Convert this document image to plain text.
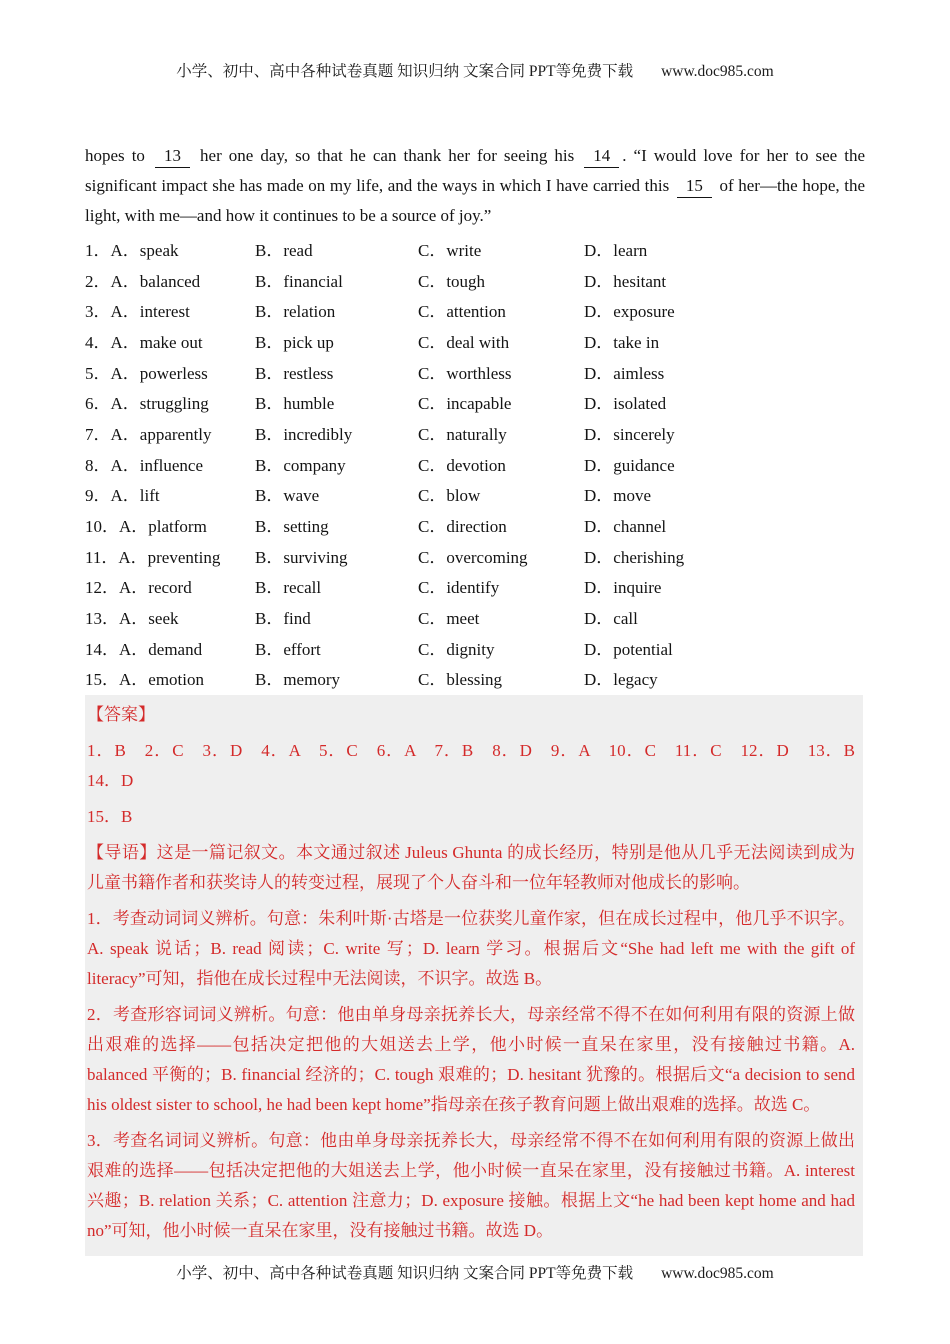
小学、初中、高中各种试卷真题 知识归纳 文案合同 PPT等免费下载 www.doc985.com

hopes to 13 her one day, so that he can thank her for seeing his 14 . “I would love for her to see the significant impact she has made on my life, and the ways in which I have carried this 15 of her—the hope, the light, with me—and how it continues to be a source of joy.”

1．A．speak	B．read	C．write	D．learn
2．A．balanced	B．financial	C．tough	D．hesitant
3．A．interest	B．relation	C．attention	D．exposure
4．A．make out	B．pick up	C．deal with	D．take in
5．A．powerless	B．restless	C．worthless	D．aimless
6．A．struggling	B．humble	C．incapable	D．isolated
7．A．apparently	B．incredibly	C．naturally	D．sincerely
8．A．influence	B．company	C．devotion	D．guidance
9．A．lift	B．wave	C．blow	D．move
10．A．platform	B．setting	C．direction	D．channel
11．A．preventing	B．surviving	C．overcoming	D．cherishing
12．A．record	B．recall	C．identify	D．inquire
13．A．seek	B．find	C．meet	D．call
14．A．demand	B．effort	C．dignity	D．potential
15．A．emotion	B．memory	C．blessing	D．legacy

【答案】

1．B　2．C　3．D　4．A　5．C　6．A　7．B　8．D　9．A　10．C　11．C　12．D　13．B　14．D

15．B

【导语】这是一篇记叙文。本文通过叙述 Juleus Ghunta 的成长经历，特别是他从几乎无法阅读到成为儿童书籍作者和获奖诗人的转变过程，展现了个人奋斗和一位年轻教师对他成长的影响。

1．考查动词词义辨析。句意：朱利叶斯·古塔是一位获奖儿童作家，但在成长过程中，他几乎不识字。A. speak 说话；B. read 阅读；C. write 写；D. learn 学习。根据后文“She had left me with the gift of literacy”可知，指他在成长过程中无法阅读，不识字。故选 B。

2．考查形容词词义辨析。句意：他由单身母亲抚养长大，母亲经常不得不在如何利用有限的资源上做出艰难的选择——包括决定把他的大姐送去上学，他小时候一直呆在家里，没有接触过书籍。A. balanced 平衡的；B. financial 经济的；C. tough 艰难的；D. hesitant 犹豫的。根据后文“a decision to send his oldest sister to school, he had been kept home”指母亲在孩子教育问题上做出艰难的选择。故选 C。

3．考查名词词义辨析。句意：他由单身母亲抚养长大，母亲经常不得不在如何利用有限的资源上做出艰难的选择——包括决定把他的大姐送去上学，他小时候一直呆在家里，没有接触过书籍。A. interest 兴趣；B. relation 关系；C. attention 注意力；D. exposure 接触。根据上文“he had been kept home and had no”可知，他小时候一直呆在家里，没有接触过书籍。故选 D。

小学、初中、高中各种试卷真题 知识归纳 文案合同 PPT等免费下载 www.doc985.com
